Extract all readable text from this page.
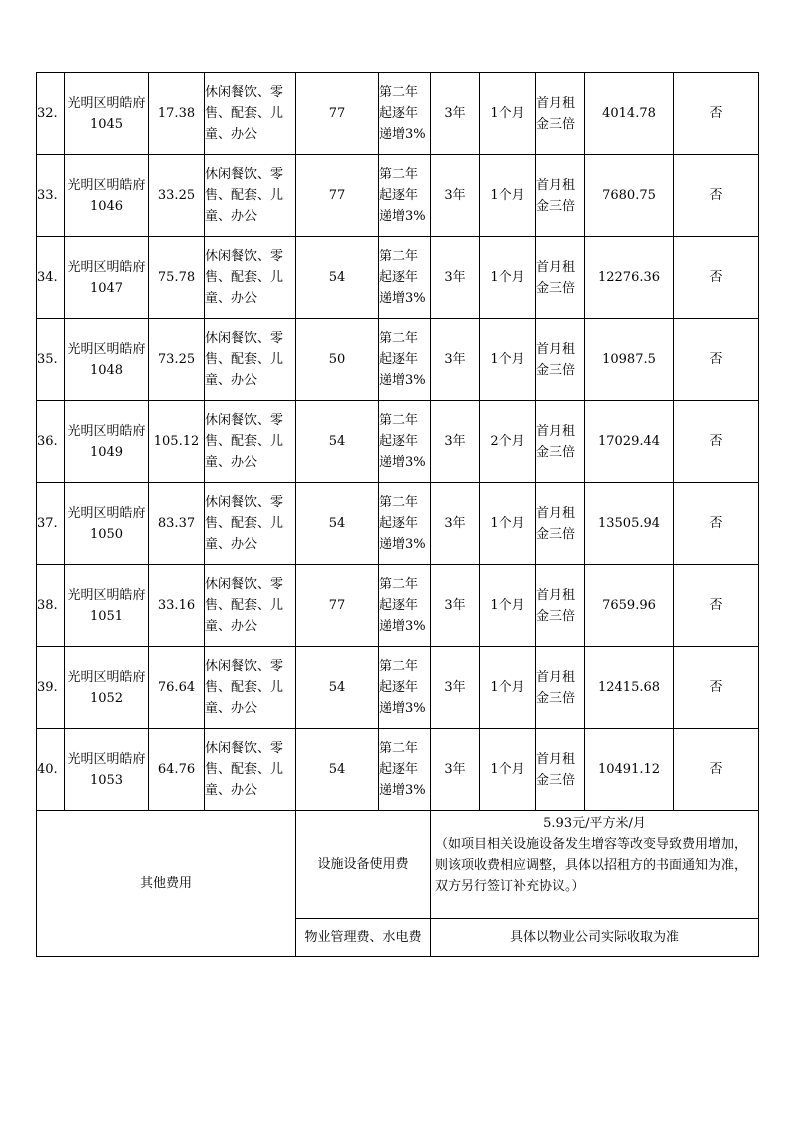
32.	光明区明皓府1045	17.38	休闲餐饮、零售、配套、儿童、办公	77	第二年起逐年递增3%	3年	1个月	首月租金三倍	4014.78	否
33.	光明区明皓府1046	33.25	休闲餐饮、零售、配套、儿童、办公	77	第二年起逐年递增3%	3年	1个月	首月租金三倍	7680.75	否
34.	光明区明皓府1047	75.78	休闲餐饮、零售、配套、儿童、办公	54	第二年起逐年递增3%	3年	1个月	首月租金三倍	12276.36	否
35.	光明区明皓府1048	73.25	休闲餐饮、零售、配套、儿童、办公	50	第二年起逐年递增3%	3年	1个月	首月租金三倍	10987.5	否
36.	光明区明皓府1049	105.12	休闲餐饮、零售、配套、儿童、办公	54	第二年起逐年递增3%	3年	2个月	首月租金三倍	17029.44	否
37.	光明区明皓府1050	83.37	休闲餐饮、零售、配套、儿童、办公	54	第二年起逐年递增3%	3年	1个月	首月租金三倍	13505.94	否
38.	光明区明皓府1051	33.16	休闲餐饮、零售、配套、儿童、办公	77	第二年起逐年递增3%	3年	1个月	首月租金三倍	7659.96	否
39.	光明区明皓府1052	76.64	休闲餐饮、零售、配套、儿童、办公	54	第二年起逐年递增3%	3年	1个月	首月租金三倍	12415.68	否
40.	光明区明皓府1053	64.76	休闲餐饮、零售、配套、儿童、办公	54	第二年起逐年递增3%	3年	1个月	首月租金三倍	10491.12	否
其他费用				设施设备使用费		5.93元/平方米/月
（如项目相关设施设备发生增容等改变导致费用增加，则该项收费相应调整，具体以招租方的书面通知为准，双方另行签订补充协议。）				

				物业管理费、水电费		具体以物业公司实际收取为准				
